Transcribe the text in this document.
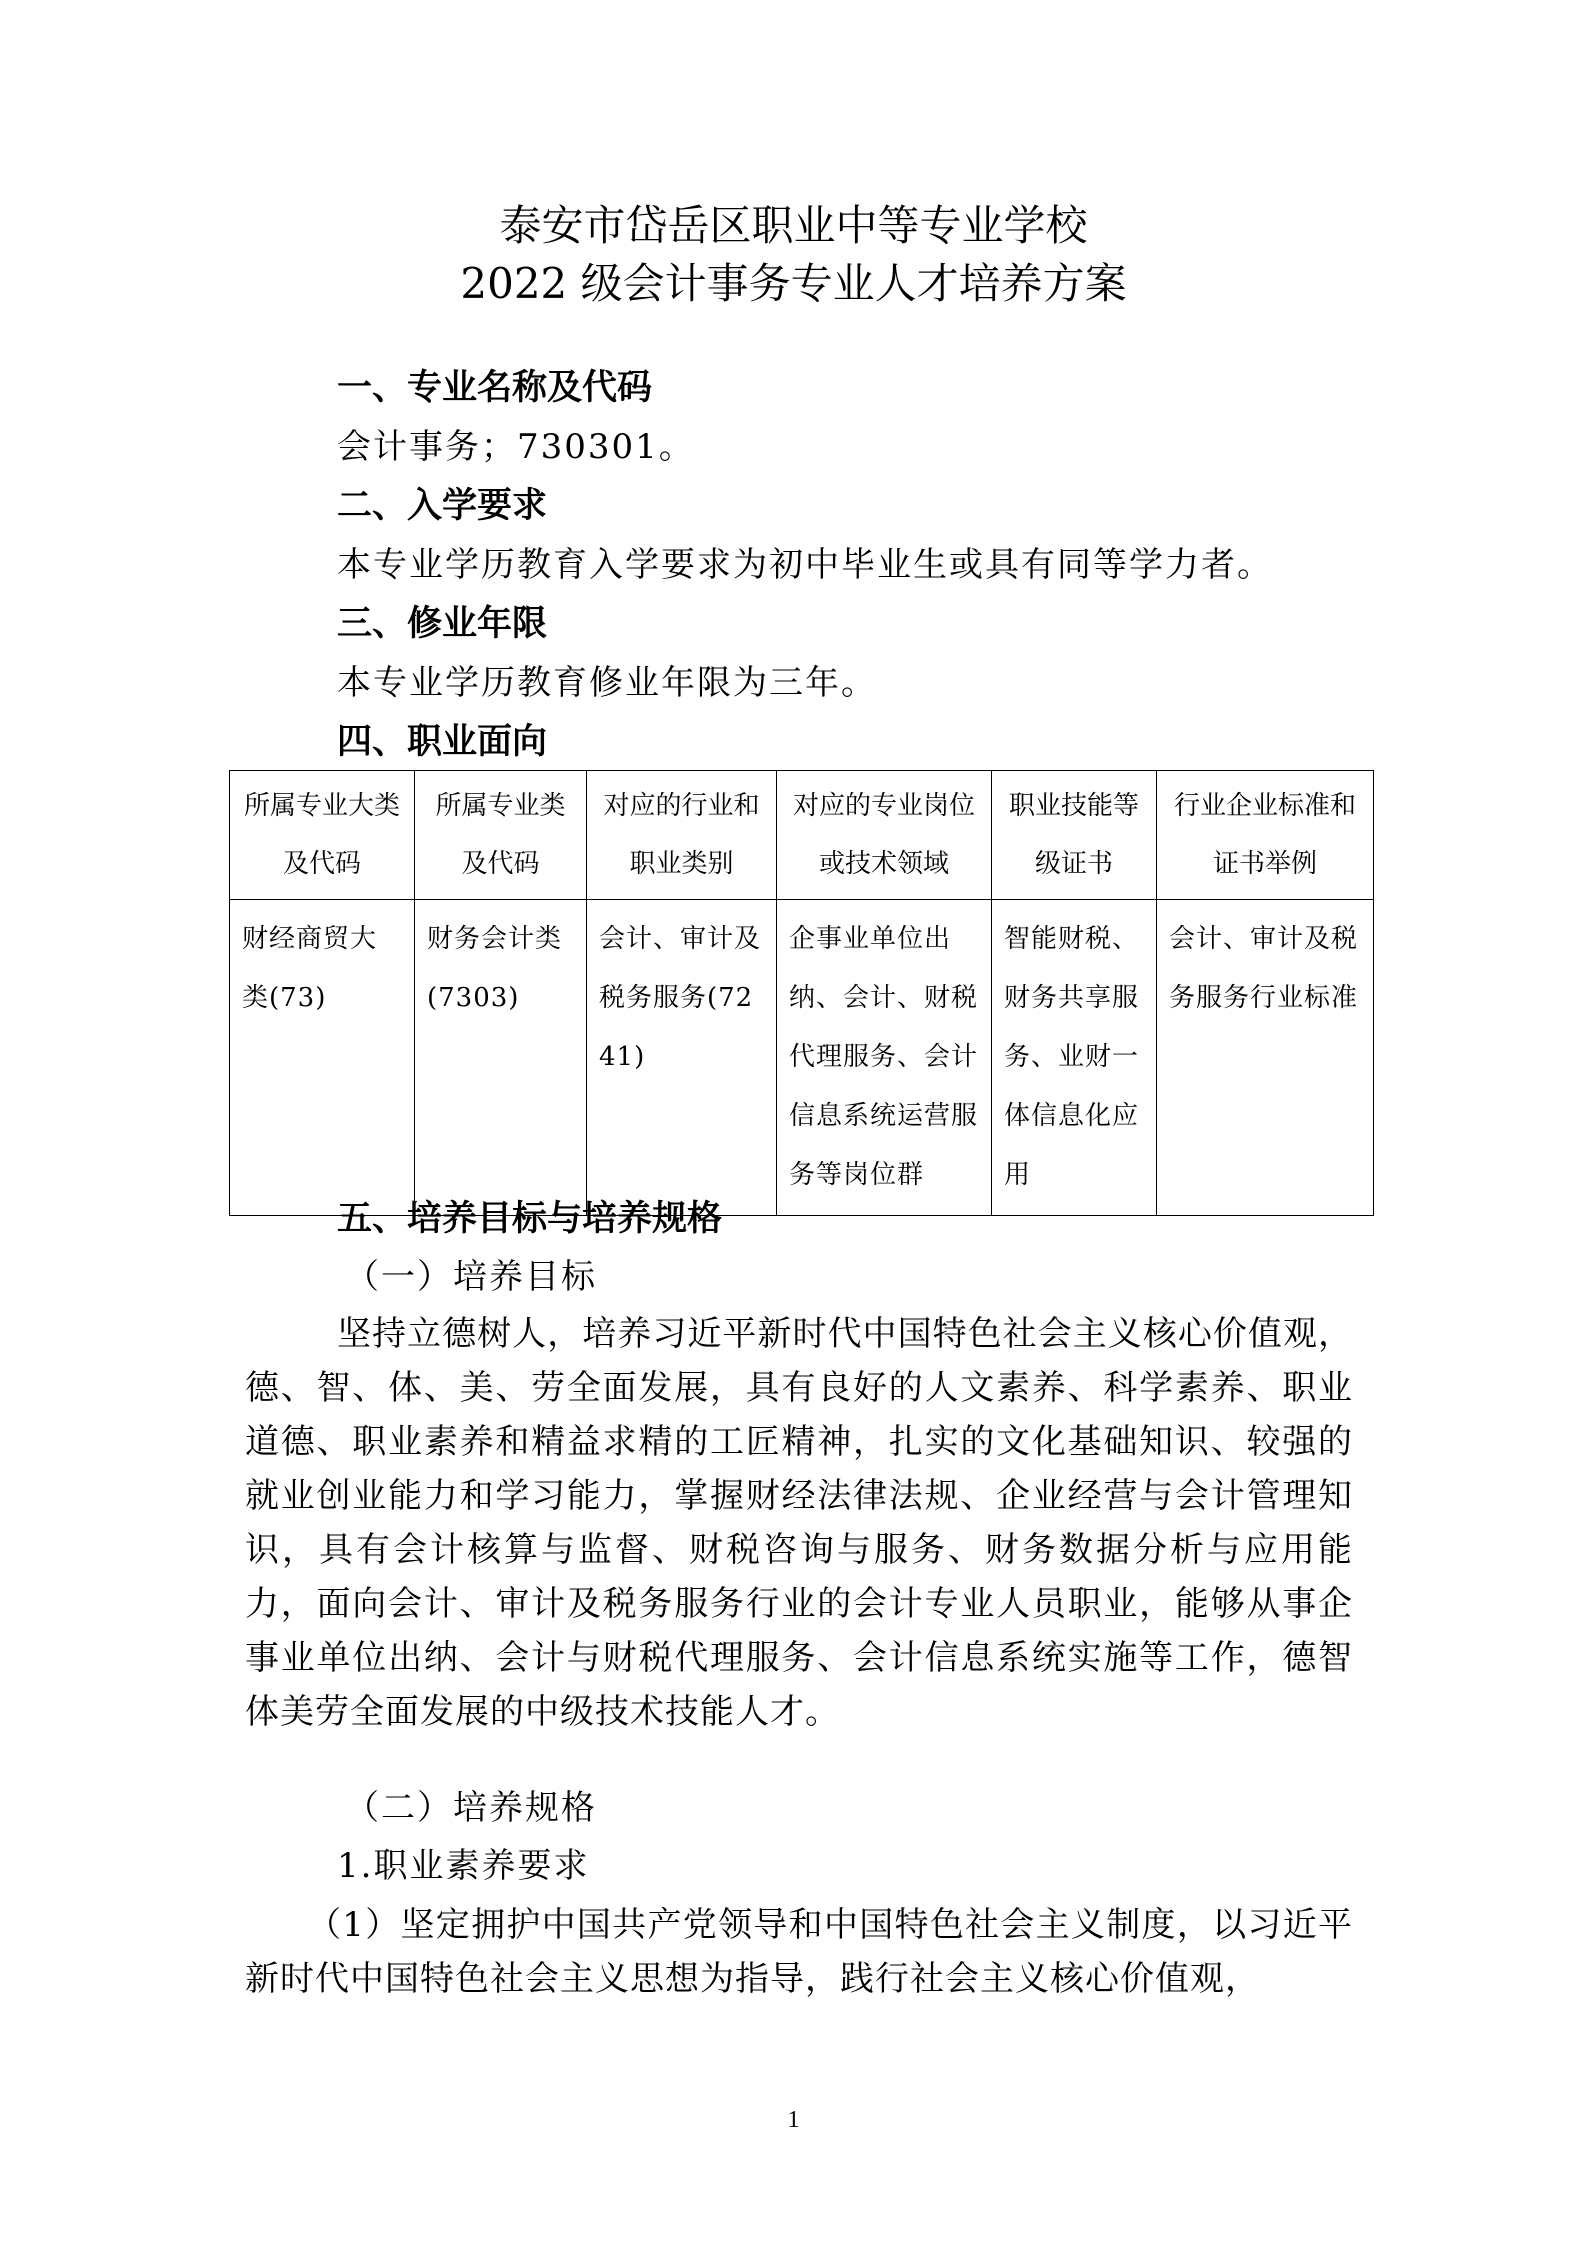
泰安市岱岳区职业中等专业学校
2022 级会计事务专业人才培养方案
一、专业名称及代码
会计事务；730301。
二、入学要求
本专业学历教育入学要求为初中毕业生或具有同等学力者。
三、修业年限
本专业学历教育修业年限为三年。
四、职业面向
所属专业大类及代码	所属专业类及代码	对应的行业和职业类别	对应的专业岗位或技术领域	职业技能等级证书	行业企业标准和证书举例
财经商贸大类(73)	财务会计类(7303)	会计、审计及税务服务(7241)	企事业单位出纳、会计、财税代理服务、会计信息系统运营服务等岗位群	智能财税、财务共享服务、业财一体信息化应用	会计、审计及税务服务行业标准
五、培养目标与培养规格
（一）培养目标
坚持立德树人，培养习近平新时代中国特色社会主义核心价值观，德、智、体、美、劳全面发展，具有良好的人文素养、科学素养、职业道德、职业素养和精益求精的工匠精神，扎实的文化基础知识、较强的就业创业能力和学习能力，掌握财经法律法规、企业经营与会计管理知识，具有会计核算与监督、财税咨询与服务、财务数据分析与应用能力，面向会计、审计及税务服务行业的会计专业人员职业，能够从事企事业单位出纳、会计与财税代理服务、会计信息系统实施等工作，德智体美劳全面发展的中级技术技能人才。
（二）培养规格
1.职业素养要求
（1）坚定拥护中国共产党领导和中国特色社会主义制度，以习近平新时代中国特色社会主义思想为指导，践行社会主义核心价值观，
1
